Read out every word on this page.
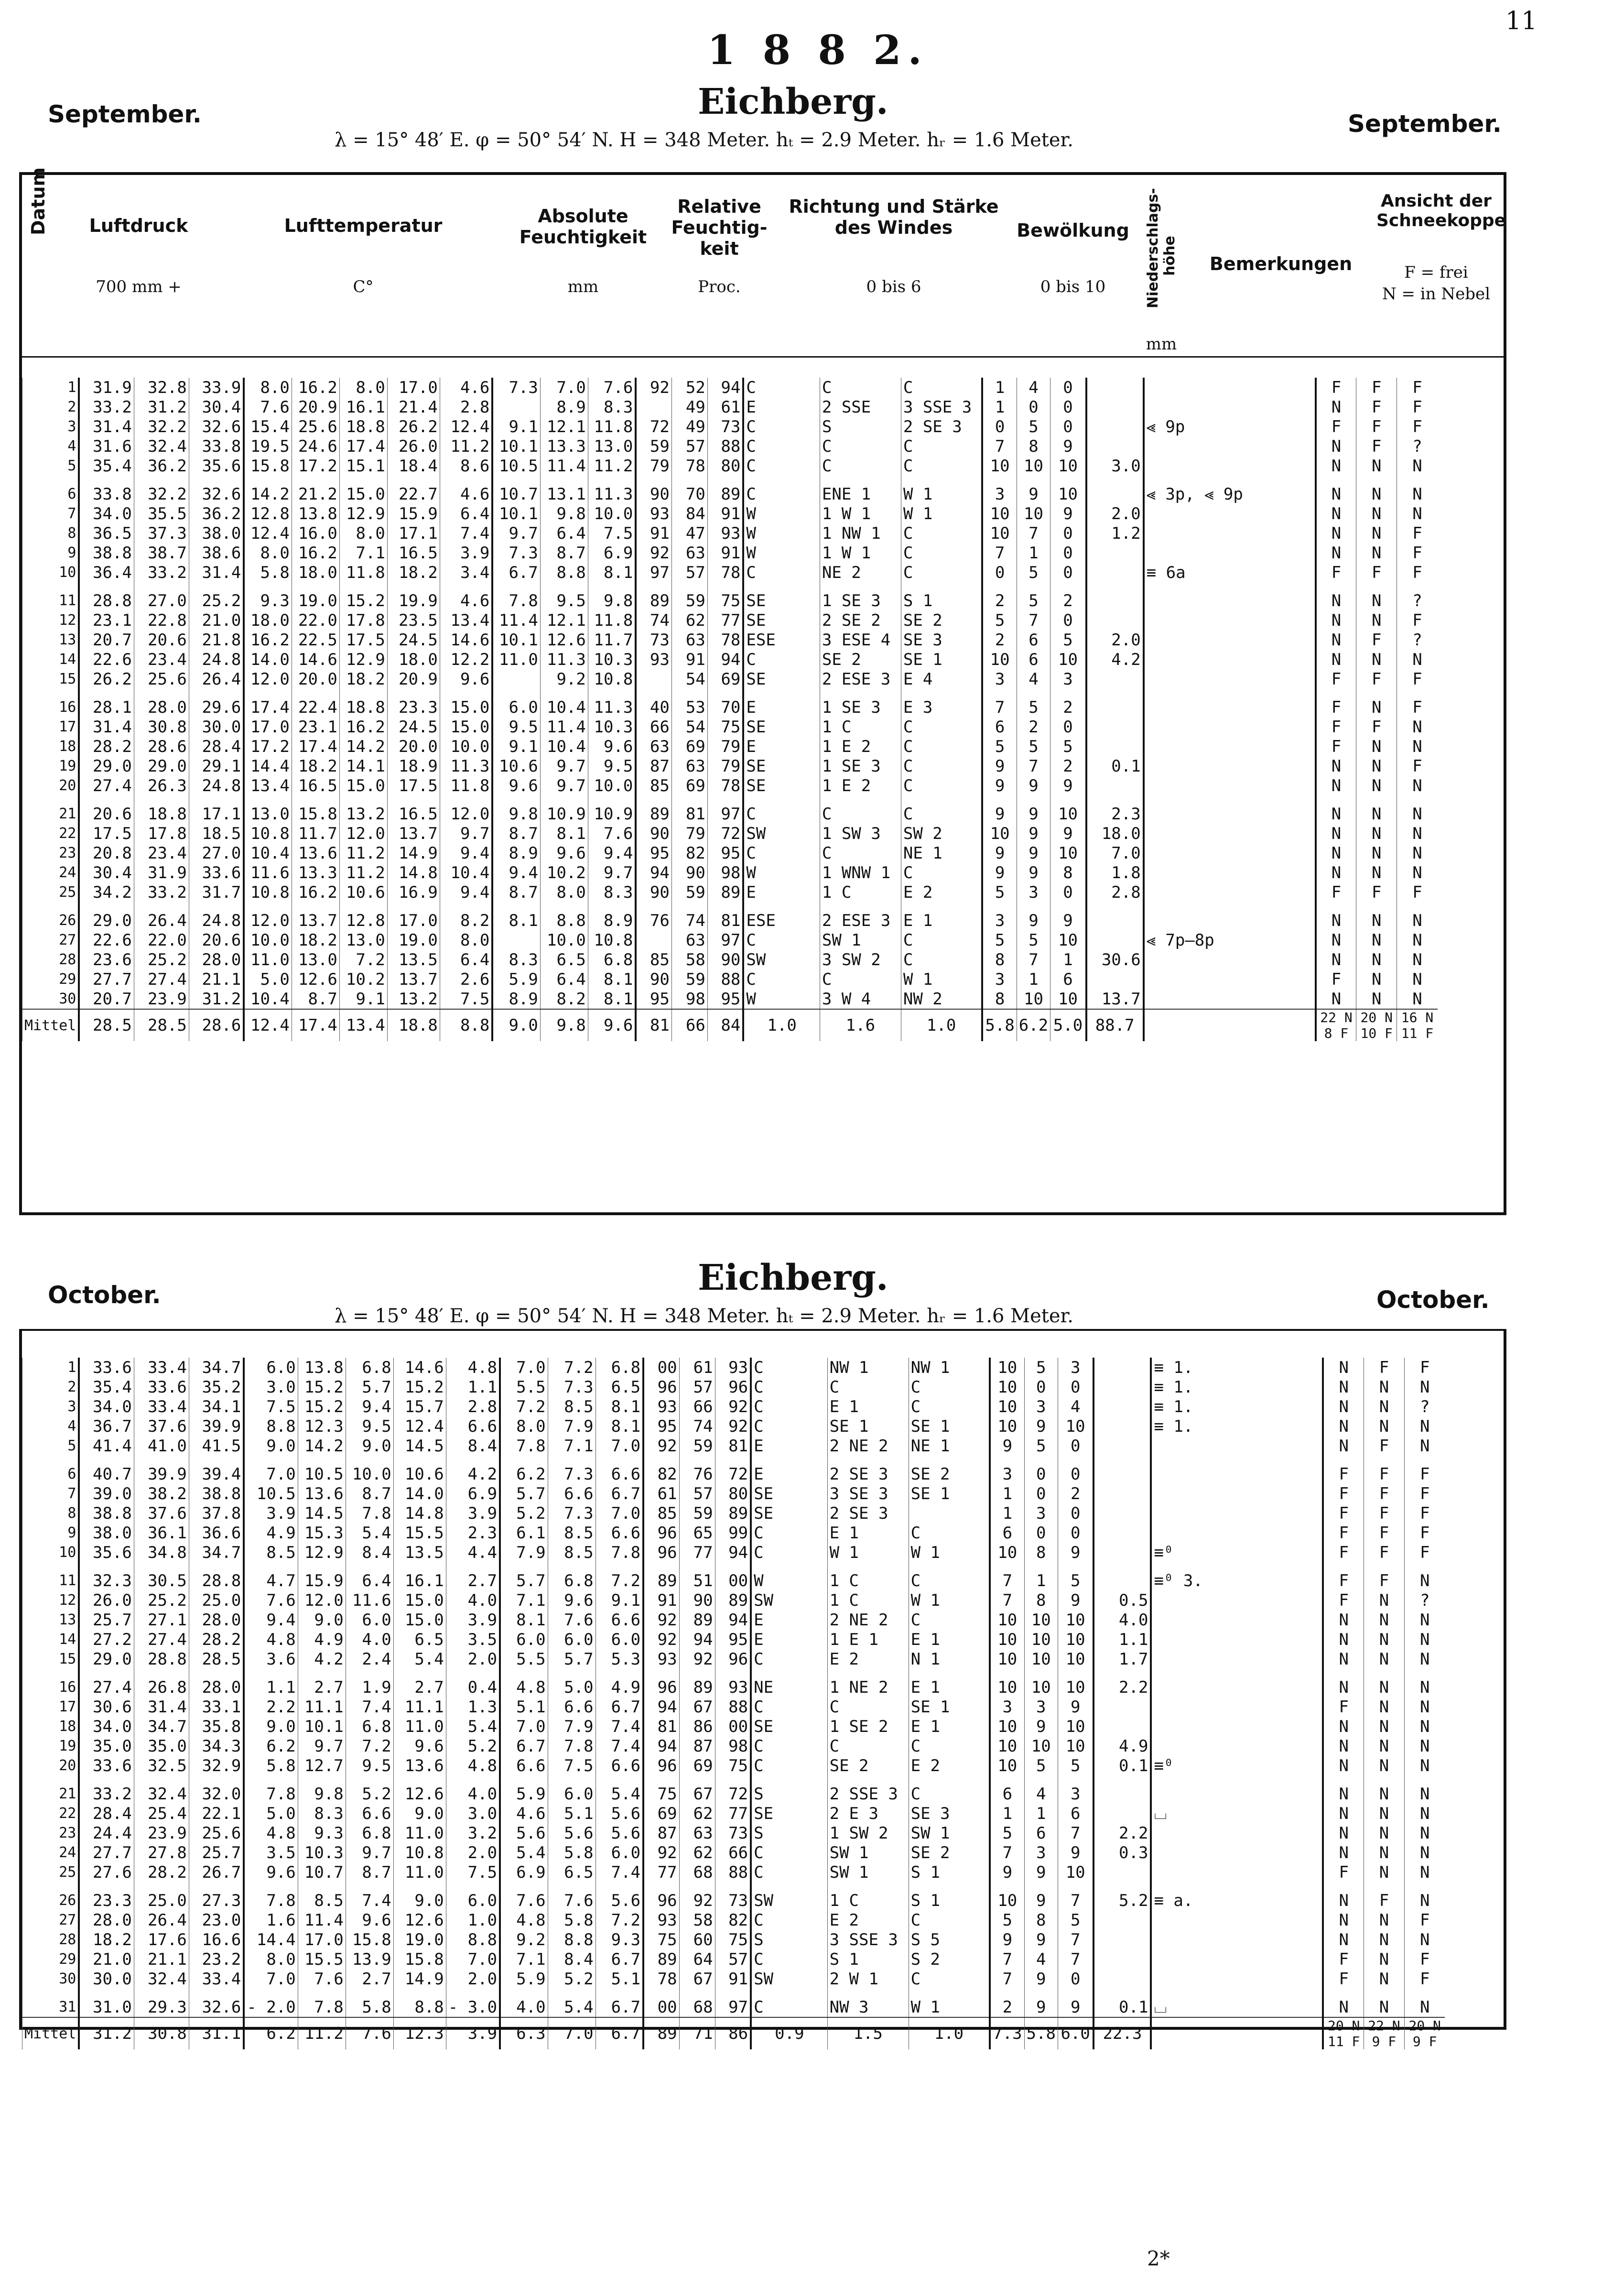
11
1 8 8 2.
September.	Eichberg.
λ = 15° 48′ E. φ = 50° 54′ N. H = 348 Meter. hₜ = 2.9 Meter. hᵣ = 1.6 Meter.
September.
Datum	Luftdruck
700 mm +
Lufttemperatur
C°
Absolute Feuchtigkeit
mm
Relative Feuchtig-keit
Proc.
Richtung und Stärke des Windes
0 bis 6
Bewölkung
0 bis 10	Niederschlags-höhe
mm
Bemerkungen
Ansicht der Schneekoppe
F = frei
N = in Nebel
1	31.9	32.8	33.9	8.0	16.2	8.0	17.0	4.6	7.3	7.0	7.6	92	52	94	C	C	C	1	4	0			F	F	F
2	33.2	31.2	30.4	7.6	20.9	16.1	21.4	2.8		8.9	8.3		49	61	E	2 SSE	3 SSE 3	1	0	0			N	F	F
3	31.4	32.2	32.6	15.4	25.6	18.8	26.2	12.4	9.1	12.1	11.8	72	49	73	C	S	2 SE 3	0	5	0		⪡ 9p	F	F	F
4	31.6	32.4	33.8	19.5	24.6	17.4	26.0	11.2	10.1	13.3	13.0	59	57	88	C	C	C	7	8	9			N	F	?
5	35.4	36.2	35.6	15.8	17.2	15.1	18.4	8.6	10.5	11.4	11.2	79	78	80	C	C	C	10	10	10	3.0		N	N	N

6	33.8	32.2	32.6	14.2	21.2	15.0	22.7	4.6	10.7	13.1	11.3	90	70	89	C	ENE 1	W 1	3	9	10		⪡ 3p, ⪡ 9p	N	N	N
7	34.0	35.5	36.2	12.8	13.8	12.9	15.9	6.4	10.1	9.8	10.0	93	84	91	W	1 W 1	W 1	10	10	9	2.0		N	N	N
8	36.5	37.3	38.0	12.4	16.0	8.0	17.1	7.4	9.7	6.4	7.5	91	47	93	W	1 NW 1	C	10	7	0	1.2		N	N	F
9	38.8	38.7	38.6	8.0	16.2	7.1	16.5	3.9	7.3	8.7	6.9	92	63	91	W	1 W 1	C	7	1	0			N	N	F
10	36.4	33.2	31.4	5.8	18.0	11.8	18.2	3.4	6.7	8.8	8.1	97	57	78	C	NE 2	C	0	5	0		≡ 6a	F	F	F

11	28.8	27.0	25.2	9.3	19.0	15.2	19.9	4.6	7.8	9.5	9.8	89	59	75	SE	1 SE 3	S 1	2	5	2			N	N	?
12	23.1	22.8	21.0	18.0	22.0	17.8	23.5	13.4	11.4	12.1	11.8	74	62	77	SE	2 SE 2	SE 2	5	7	0			N	N	F
13	20.7	20.6	21.8	16.2	22.5	17.5	24.5	14.6	10.1	12.6	11.7	73	63	78	ESE	3 ESE 4	SE 3	2	6	5	2.0		N	F	?
14	22.6	23.4	24.8	14.0	14.6	12.9	18.0	12.2	11.0	11.3	10.3	93	91	94	C	SE 2	SE 1	10	6	10	4.2		N	N	N
15	26.2	25.6	26.4	12.0	20.0	18.2	20.9	9.6		9.2	10.8		54	69	SE	2 ESE 3	E 4	3	4	3			F	F	F

16	28.1	28.0	29.6	17.4	22.4	18.8	23.3	15.0	6.0	10.4	11.3	40	53	70	E	1 SE 3	E 3	7	5	2			F	N	F
17	31.4	30.8	30.0	17.0	23.1	16.2	24.5	15.0	9.5	11.4	10.3	66	54	75	SE	1 C	C	6	2	0			F	F	N
18	28.2	28.6	28.4	17.2	17.4	14.2	20.0	10.0	9.1	10.4	9.6	63	69	79	E	1 E 2	C	5	5	5			F	N	N
19	29.0	29.0	29.1	14.4	18.2	14.1	18.9	11.3	10.6	9.7	9.5	87	63	79	SE	1 SE 3	C	9	7	2	0.1		N	N	F
20	27.4	26.3	24.8	13.4	16.5	15.0	17.5	11.8	9.6	9.7	10.0	85	69	78	SE	1 E 2	C	9	9	9			N	N	N

21	20.6	18.8	17.1	13.0	15.8	13.2	16.5	12.0	9.8	10.9	10.9	89	81	97	C	C	C	9	9	10	2.3		N	N	N
22	17.5	17.8	18.5	10.8	11.7	12.0	13.7	9.7	8.7	8.1	7.6	90	79	72	SW	1 SW 3	SW 2	10	9	9	18.0		N	N	N
23	20.8	23.4	27.0	10.4	13.6	11.2	14.9	9.4	8.9	9.6	9.4	95	82	95	C	C	NE 1	9	9	10	7.0		N	N	N
24	30.4	31.9	33.6	11.6	13.3	11.2	14.8	10.4	9.4	10.2	9.7	94	90	98	W	1 WNW 1	C	9	9	8	1.8		N	N	N
25	34.2	33.2	31.7	10.8	16.2	10.6	16.9	9.4	8.7	8.0	8.3	90	59	89	E	1 C	E 2	5	3	0	2.8		F	F	F

26	29.0	26.4	24.8	12.0	13.7	12.8	17.0	8.2	8.1	8.8	8.9	76	74	81	ESE	2 ESE 3	E 1	3	9	9			N	N	N
27	22.6	22.0	20.6	10.0	18.2	13.0	19.0	8.0		10.0	10.8		63	97	C	SW 1	C	5	5	10		⪡ 7p–8p	N	N	N
28	23.6	25.2	28.0	11.0	13.0	7.2	13.5	6.4	8.3	6.5	6.8	85	58	90	SW	3 SW 2	C	8	7	1	30.6		N	N	N
29	27.7	27.4	21.1	5.0	12.6	10.2	13.7	2.6	5.9	6.4	8.1	90	59	88	C	C	W 1	3	1	6			F	N	N
30	20.7	23.9	31.2	10.4	8.7	9.1	13.2	7.5	8.9	8.2	8.1	95	98	95	W	3 W 4	NW 2	8	10	10	13.7		N	N	N
Mittel	28.5	28.5	28.6	12.4	17.4	13.4	18.8	8.8	9.0	9.8	9.6	81	66	84	1.0	1.6	1.0	5.8	6.2	5.0	88.7		22 N 8 F	20 N 10 F	16 N 11 F
October.	Eichberg.
λ = 15° 48′ E. φ = 50° 54′ N. H = 348 Meter. hₜ = 2.9 Meter. hᵣ = 1.6 Meter.
October.
1	33.6	33.4	34.7	6.0	13.8	6.8	14.6	4.8	7.0	7.2	6.8	00	61	93	C	NW 1	NW 1	10	5	3		≡ 1.	N	F	F
2	35.4	33.6	35.2	3.0	15.2	5.7	15.2	1.1	5.5	7.3	6.5	96	57	96	C	C	C	10	0	0		≡ 1.	N	N	N
3	34.0	33.4	34.1	7.5	15.2	9.4	15.7	2.8	7.2	8.5	8.1	93	66	92	C	E 1	C	10	3	4		≡ 1.	N	N	?
4	36.7	37.6	39.9	8.8	12.3	9.5	12.4	6.6	8.0	7.9	8.1	95	74	92	C	SE 1	SE 1	10	9	10		≡ 1.	N	N	N
5	41.4	41.0	41.5	9.0	14.2	9.0	14.5	8.4	7.8	7.1	7.0	92	59	81	E	2 NE 2	NE 1	9	5	0			N	F	N

6	40.7	39.9	39.4	7.0	10.5	10.0	10.6	4.2	6.2	7.3	6.6	82	76	72	E	2 SE 3	SE 2	3	0	0			F	F	F
7	39.0	38.2	38.8	10.5	13.6	8.7	14.0	6.9	5.7	6.6	6.7	61	57	80	SE	3 SE 3	SE 1	1	0	2			F	F	F
8	38.8	37.6	37.8	3.9	14.5	7.8	14.8	3.9	5.2	7.3	7.0	85	59	89	SE	2 SE 3		1	3	0			F	F	F
9	38.0	36.1	36.6	4.9	15.3	5.4	15.5	2.3	6.1	8.5	6.6	96	65	99	C	E 1	C	6	0	0			F	F	F
10	35.6	34.8	34.7	8.5	12.9	8.4	13.5	4.4	7.9	8.5	7.8	96	77	94	C	W 1	W 1	10	8	9		≡⁰	F	F	F

11	32.3	30.5	28.8	4.7	15.9	6.4	16.1	2.7	5.7	6.8	7.2	89	51	00	W	1 C	C	7	1	5		≡⁰ 3.	F	F	N
12	26.0	25.2	25.0	7.6	12.0	11.6	15.0	4.0	7.1	9.6	9.1	91	90	89	SW	1 C	W 1	7	8	9	0.5		F	N	?
13	25.7	27.1	28.0	9.4	9.0	6.0	15.0	3.9	8.1	7.6	6.6	92	89	94	E	2 NE 2	C	10	10	10	4.0		N	N	N
14	27.2	27.4	28.2	4.8	4.9	4.0	6.5	3.5	6.0	6.0	6.0	92	94	95	E	1 E 1	E 1	10	10	10	1.1		N	N	N
15	29.0	28.8	28.5	3.6	4.2	2.4	5.4	2.0	5.5	5.7	5.3	93	92	96	C	E 2	N 1	10	10	10	1.7		N	N	N

16	27.4	26.8	28.0	1.1	2.7	1.9	2.7	0.4	4.8	5.0	4.9	96	89	93	NE	1 NE 2	E 1	10	10	10	2.2		N	N	N
17	30.6	31.4	33.1	2.2	11.1	7.4	11.1	1.3	5.1	6.6	6.7	94	67	88	C	C	SE 1	3	3	9			F	N	N
18	34.0	34.7	35.8	9.0	10.1	6.8	11.0	5.4	7.0	7.9	7.4	81	86	00	SE	1 SE 2	E 1	10	9	10			N	N	N
19	35.0	35.0	34.3	6.2	9.7	7.2	9.6	5.2	6.7	7.8	7.4	94	87	98	C	C	C	10	10	10	4.9		N	N	N
20	33.6	32.5	32.9	5.8	12.7	9.5	13.6	4.8	6.6	7.5	6.6	96	69	75	C	SE 2	E 2	10	5	5	0.1	≡⁰	N	N	N

21	33.2	32.4	32.0	7.8	9.8	5.2	12.6	4.0	5.9	6.0	5.4	75	67	72	S	2 SSE 3	C	6	4	3			N	N	N
22	28.4	25.4	22.1	5.0	8.3	6.6	9.0	3.0	4.6	5.1	5.6	69	62	77	SE	2 E 3	SE 3	1	1	6		⌴	N	N	N
23	24.4	23.9	25.6	4.8	9.3	6.8	11.0	3.2	5.6	5.6	5.6	87	63	73	S	1 SW 2	SW 1	5	6	7	2.2		N	N	N
24	27.7	27.8	25.7	3.5	10.3	9.7	10.8	2.0	5.4	5.8	6.0	92	62	66	C	SW 1	SE 2	7	3	9	0.3		N	N	N
25	27.6	28.2	26.7	9.6	10.7	8.7	11.0	7.5	6.9	6.5	7.4	77	68	88	C	SW 1	S 1	9	9	10			F	N	N

26	23.3	25.0	27.3	7.8	8.5	7.4	9.0	6.0	7.6	7.6	5.6	96	92	73	SW	1 C	S 1	10	9	7	5.2	≡ a.	N	F	N
27	28.0	26.4	23.0	1.6	11.4	9.6	12.6	1.0	4.8	5.8	7.2	93	58	82	C	E 2	C	5	8	5			N	N	F
28	18.2	17.6	16.6	14.4	17.0	15.8	19.0	8.8	9.2	8.8	9.3	75	60	75	S	3 SSE 3	S 5	9	9	7			N	N	N
29	21.0	21.1	23.2	8.0	15.5	13.9	15.8	7.0	7.1	8.4	6.7	89	64	57	C	S 1	S 2	7	4	7			F	N	F
30	30.0	32.4	33.4	7.0	7.6	2.7	14.9	2.0	5.9	5.2	5.1	78	67	91	SW	2 W 1	C	7	9	0			F	N	F

31	31.0	29.3	32.6	- 2.0	7.8	5.8	8.8	- 3.0	4.0	5.4	6.7	00	68	97	C	NW 3	W 1	2	9	9	0.1	⌴	N	N	N
Mittel	31.2	30.8	31.1	6.2	11.2	7.6	12.3	3.9	6.3	7.0	6.7	89	71	86	0.9	1.5	1.0	7.3	5.8	6.0	22.3		20 N 11 F	22 N 9 F	20 N 9 F
2*
